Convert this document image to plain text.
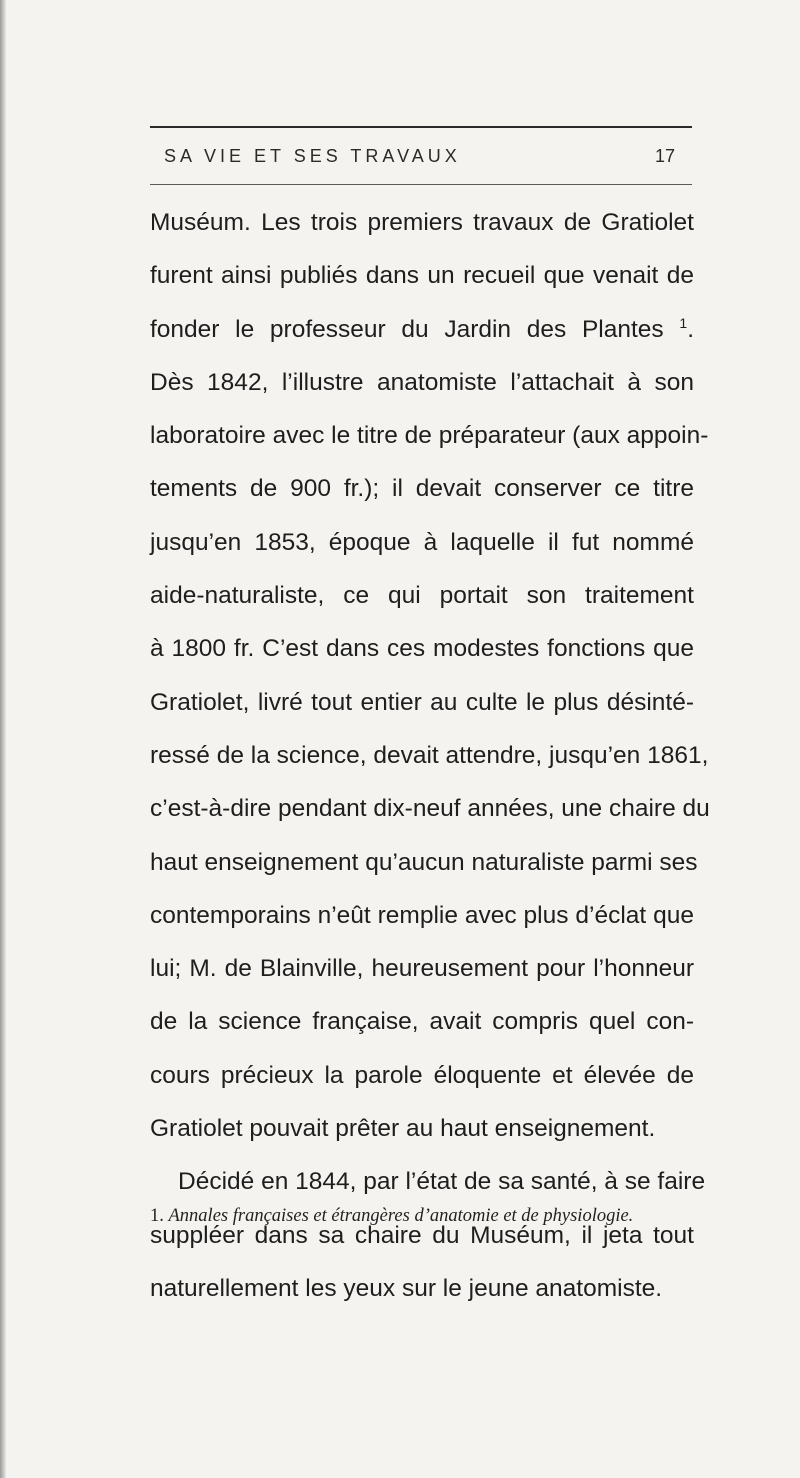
SA VIE ET SES TRAVAUX	17
Muséum. Les trois premiers travaux de Gratiolet
furent ainsi publiés dans un recueil que venait de
fonder le professeur du Jardin des Plantes $^1$.
Dès 1842, l’illustre anatomiste l’attachait à son
laboratoire avec le titre de préparateur (aux appoin-
tements de 900 fr.); il devait conserver ce titre
jusqu’en 1853, époque à laquelle il fut nommé
aide-naturaliste, ce qui portait son traitement
à 1800 fr. C’est dans ces modestes fonctions que
Gratiolet, livré tout entier au culte le plus désinté-
ressé de la science, devait attendre, jusqu’en 1861,
c’est-à-dire pendant dix-neuf années, une chaire du
haut enseignement qu’aucun naturaliste parmi ses
contemporains n’eût remplie avec plus d’éclat que
lui; M. de Blainville, heureusement pour l’honneur
de la science française, avait compris quel con-
cours précieux la parole éloquente et élevée de
Gratiolet pouvait prêter au haut enseignement.
Décidé en 1844, par l’état de sa santé, à se faire
suppléer dans sa chaire du Muséum, il jeta tout
naturellement les yeux sur le jeune anatomiste.

1. Annales françaises et étrangères d’anatomie et de physiologie.
